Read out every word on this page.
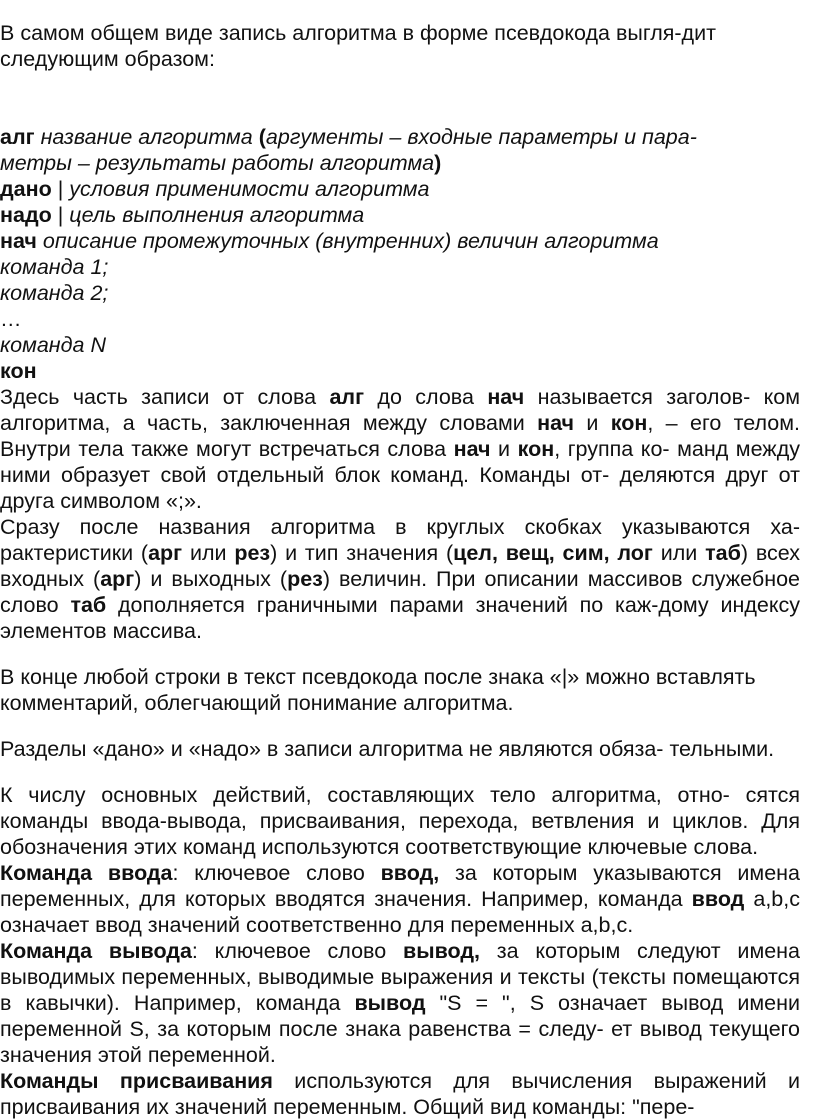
В самом общем виде запись алгоритма в форме псевдокода выгля-дит следующим образом:

алг название алгоритма (аргументы – входные параметры и пара-
метры – результаты работы алгоритма)
дано | условия применимости алгоритма
надо | цель выполнения алгоритма
нач описание промежуточных (внутренних) величин алгоритма
команда 1;
команда 2;
…
команда N
кон

Здесь часть записи от слова алг до слова нач называется заголов- ком алгоритма, а часть, заключенная между словами нач и кон, – его телом. Внутри тела также могут встречаться слова нач и кон, группа ко- манд между ними образует свой отдельный блок команд. Команды от- деляются друг от друга символом «;».

Сразу после названия алгоритма в круглых скобках указываются ха-рактеристики (арг или рез) и тип значения (цел, вещ, сим, лог или таб) всех входных (арг) и выходных (рез) величин. При описании массивов служебное слово таб дополняется граничными парами значений по каж-дому индексу элементов массива.

В конце любой строки в текст псевдокода после знака «|» можно вставлять комментарий, облегчающий понимание алгоритма.

Разделы «дано» и «надо» в записи алгоритма не являются обяза- тельными.

К числу основных действий, составляющих тело алгоритма, отно- сятся команды ввода-вывода, присваивания, перехода, ветвления и циклов. Для обозначения этих команд используются соответствующие ключевые слова.

Команда ввода: ключевое слово ввод, за которым указываются имена переменных, для которых вводятся значения. Например, команда ввод a,b,c означает ввод значений соответственно для переменных a,b,c.

Команда вывода: ключевое слово вывод, за которым следуют имена выводимых переменных, выводимые выражения и тексты (тексты помещаются в кавычки). Например, команда вывод "S = ", S означает вывод имени переменной S, за которым после знака равенства = следу- ет вывод текущего значения этой переменной.

Команды присваивания используются для вычисления выражений и присваивания их значений переменным. Общий вид команды: "пере-
